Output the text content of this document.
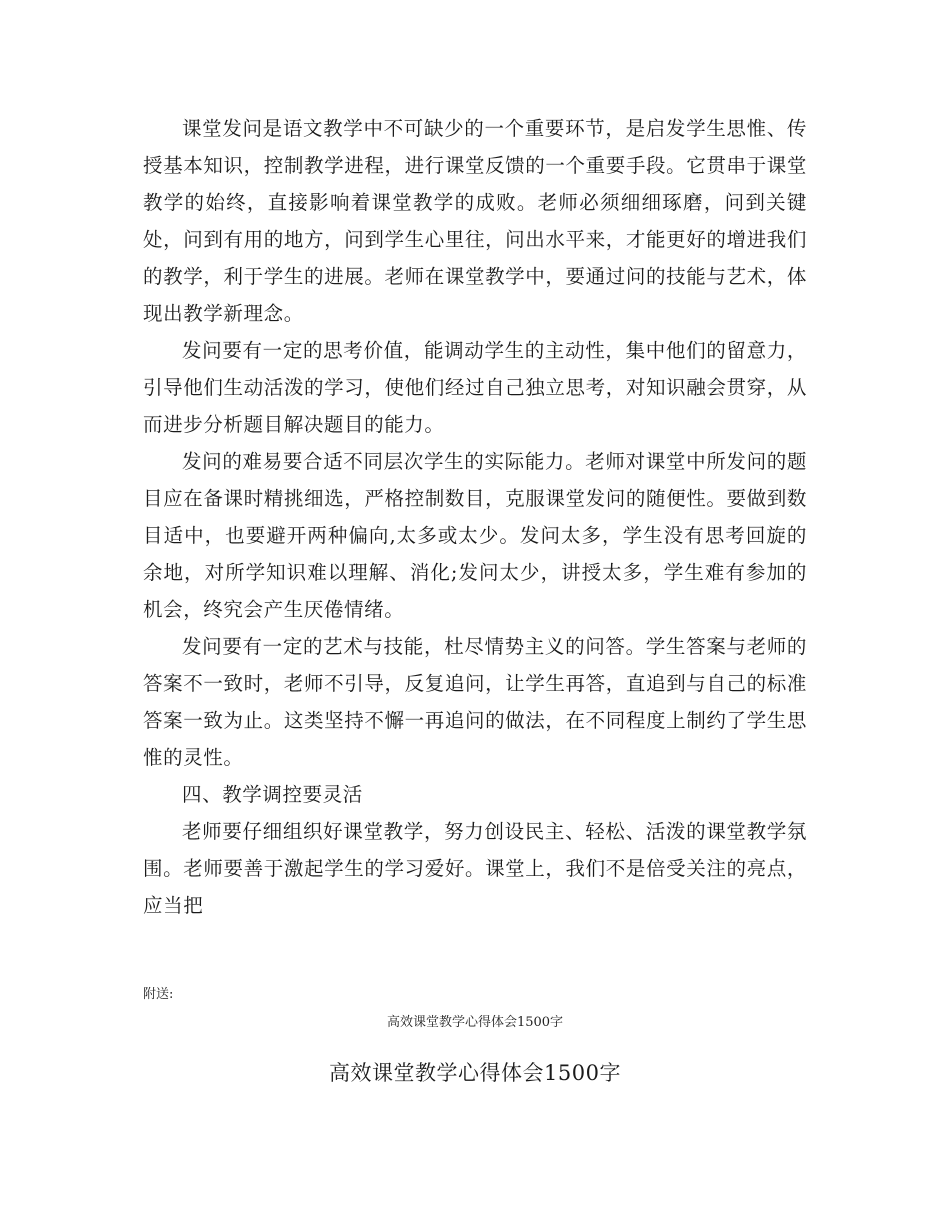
课堂发问是语文教学中不可缺少的一个重要环节，是启发学生思惟、传授基本知识，控制教学进程，进行课堂反馈的一个重要手段。它贯串于课堂教学的始终，直接影响着课堂教学的成败。老师必须细细琢磨，问到关键处，问到有用的地方，问到学生心里往，问出水平来，才能更好的增进我们的教学，利于学生的进展。老师在课堂教学中，要通过问的技能与艺术，体现出教学新理念。

发问要有一定的思考价值，能调动学生的主动性，集中他们的留意力，引导他们生动活泼的学习，使他们经过自己独立思考，对知识融会贯穿，从而进步分析题目解决题目的能力。

发问的难易要合适不同层次学生的实际能力。老师对课堂中所发问的题目应在备课时精挑细选，严格控制数目，克服课堂发问的随便性。要做到数目适中，也要避开两种偏向,太多或太少。发问太多，学生没有思考回旋的余地，对所学知识难以理解、消化;发问太少，讲授太多，学生难有参加的机会，终究会产生厌倦情绪。

发问要有一定的艺术与技能，杜尽情势主义的问答。学生答案与老师的答案不一致时，老师不引导，反复追问，让学生再答，直追到与自己的标准答案一致为止。这类坚持不懈一再追问的做法，在不同程度上制约了学生思惟的灵性。

四、教学调控要灵活

老师要仔细组织好课堂教学，努力创设民主、轻松、活泼的课堂教学氛围。老师要善于激起学生的学习爱好。课堂上，我们不是倍受关注的亮点，应当把

附送:
高效课堂教学心得体会1500字
高效课堂教学心得体会1500字
